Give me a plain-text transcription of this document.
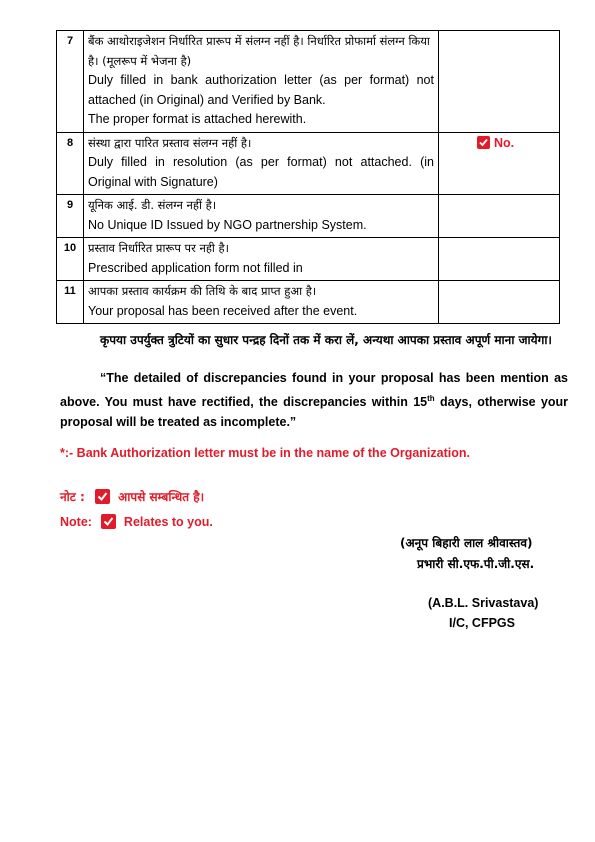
7	बैंक आथोराइजेशन निर्धारित प्रारूप में संलग्न नहीं है। निर्धारित प्रोफार्मा संलग्न किया है। (मूलरूप में भेजना है)
Duly filled in bank authorization letter (as per format) not attached (in Original) and Verified by Bank.
The proper format is attached herewith.	

8	संस्था द्वारा पारित प्रस्ताव संलग्न नहीं है।
Duly filled in resolution (as per format) not attached. (in Original with Signature)	No.

9	यूनिक आई. डी. संलग्न नहीं है।
No Unique ID Issued by NGO partnership System.	

10	प्रस्ताव निर्धारित प्रारूप पर नही है।
Prescribed application form not filled in	

11	आपका प्रस्ताव कार्यक्रम की तिथि के बाद प्राप्त हुआ है।
Your proposal has been received after the event.	

कृपया उपर्युक्त त्रुटियों का सुधार पन्द्रह दिनों तक में करा लें, अन्यथा आपका प्रस्ताव अपूर्ण माना जायेगा।
“The detailed of discrepancies found in your proposal has been mention as above. You must have rectified, the discrepancies within 15th days, otherwise your proposal will be treated as incomplete.”
*:- Bank Authorization letter must be in the name of the Organization.
नोट :	आपसे सम्बन्धित है।
Note:	Relates to you.
(अनूप बिहारी लाल श्रीवास्तव)
प्रभारी सी.एफ.पी.जी.एस.
(A.B.L. Srivastava)
I/C, CFPGS
